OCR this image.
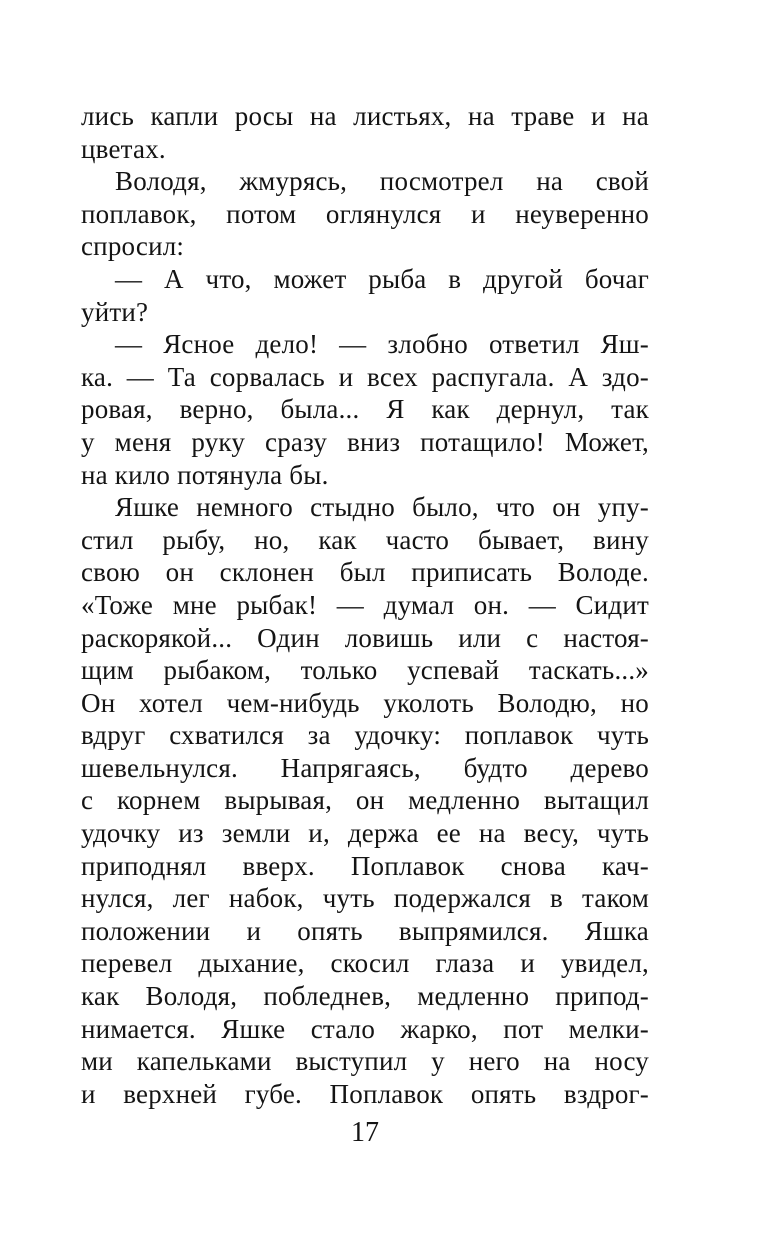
лись капли росы на листьях, на траве и на
цветах.
Володя, жмурясь, посмотрел на свой
поплавок, потом оглянулся и неуверенно
спросил:
— А что, может рыба в другой бочаг
уйти?
— Ясное дело! — злобно ответил Яш-
ка. — Та сорвалась и всех распугала. А здо-
ровая, верно, была... Я как дернул, так
у меня руку сразу вниз потащило! Может,
на кило потянула бы.
Яшке немного стыдно было, что он упу-
стил рыбу, но, как часто бывает, вину
свою он склонен был приписать Володе.
«Тоже мне рыбак! — думал он. — Сидит
раскорякой... Один ловишь или с настоя-
щим рыбаком, только успевай таскать...»
Он хотел чем-нибудь уколоть Володю, но
вдруг схватился за удочку: поплавок чуть
шевельнулся. Напрягаясь, будто дерево
с корнем вырывая, он медленно вытащил
удочку из земли и, держа ее на весу, чуть
приподнял вверх. Поплавок снова кач-
нулся, лег набок, чуть подержался в таком
положении и опять выпрямился. Яшка
перевел дыхание, скосил глаза и увидел,
как Володя, побледнев, медленно припод-
нимается. Яшке стало жарко, пот мелки-
ми капельками выступил у него на носу
и верхней губе. Поплавок опять вздрог-
17
